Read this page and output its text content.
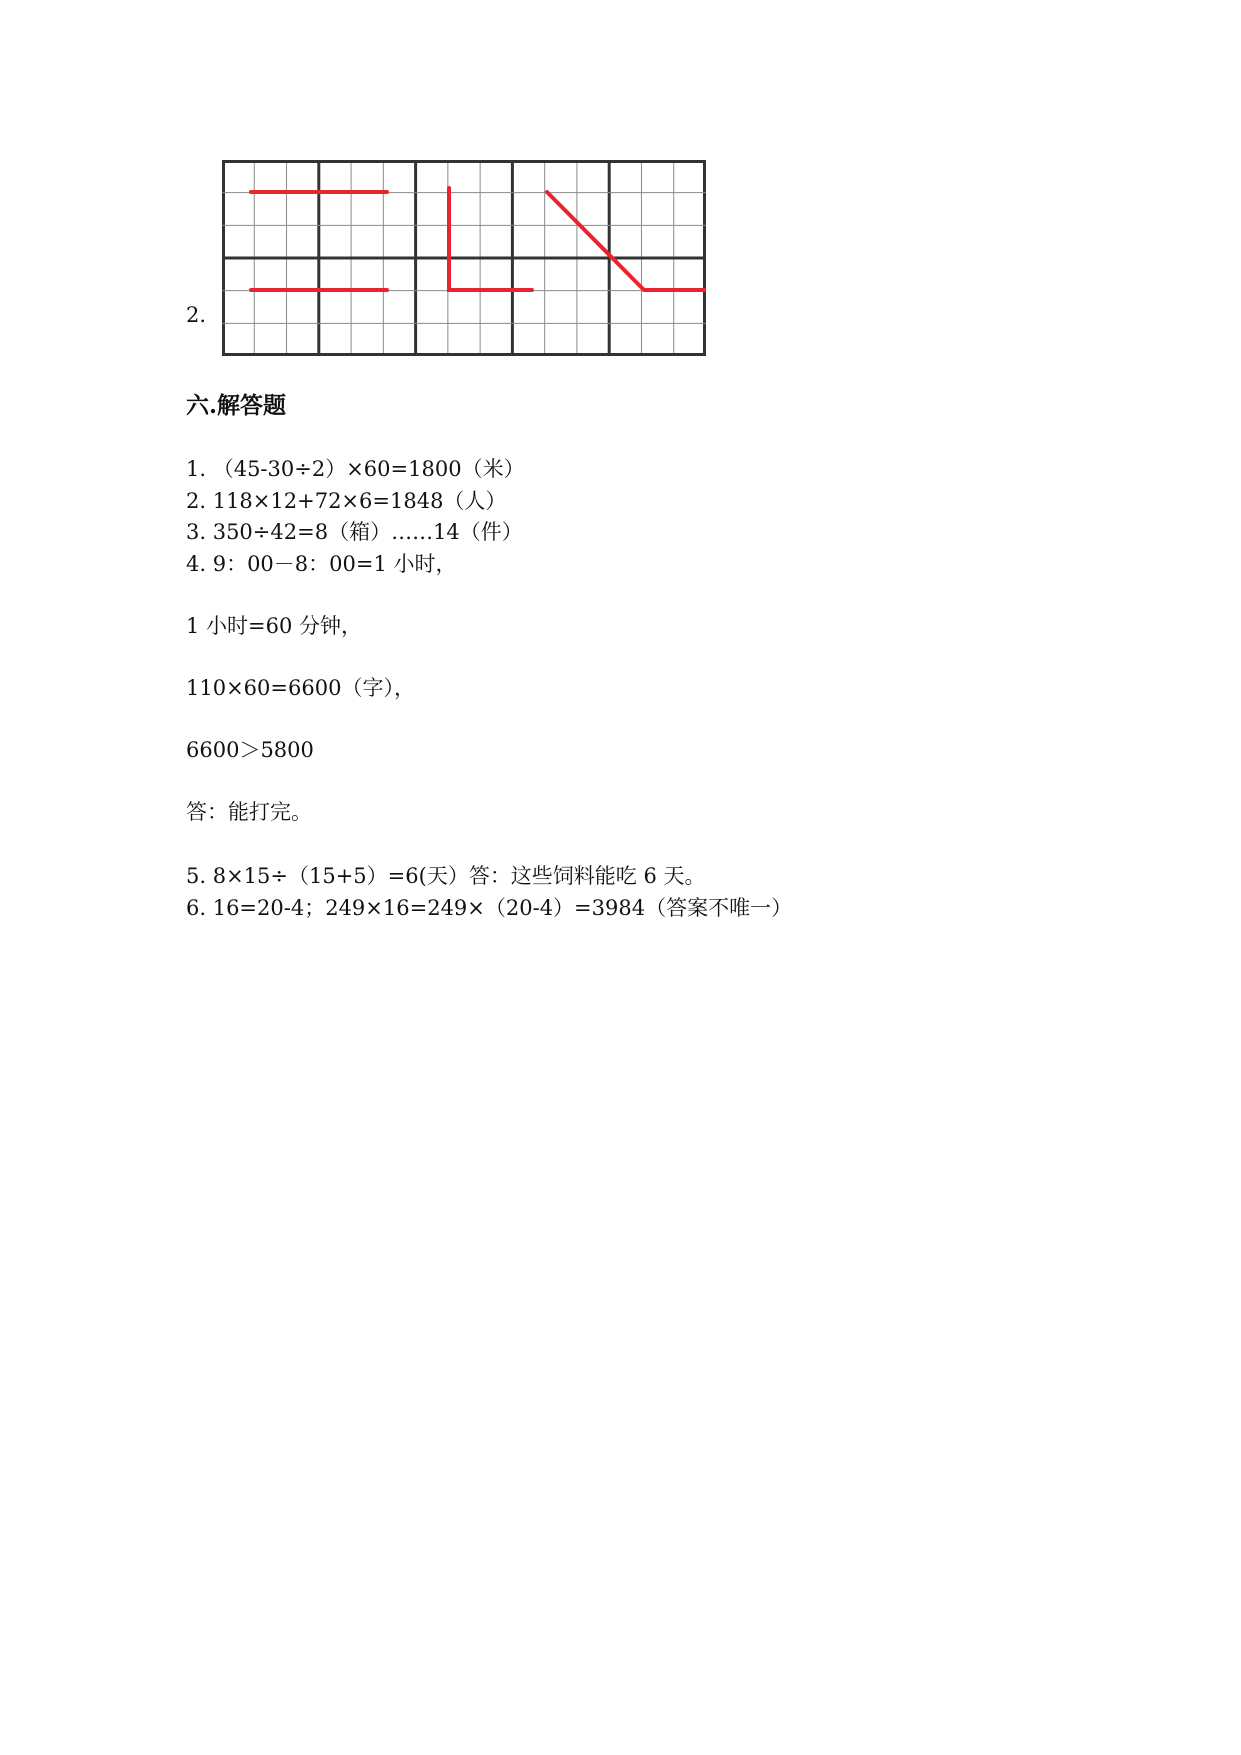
2.
六.解答题
1. （45-30÷2）×60=1800（米）
2. 118×12+72×6=1848（人）
3. 350÷42=8（箱）……14（件）
4. 9：00－8：00=1 小时，
1 小时=60 分钟，
110×60=6600（字），
6600＞5800
答：能打完。
5. 8×15÷（15+5）=6(天）答：这些饲料能吃 6 天。
6. 16=20-4；249×16=249×（20-4）=3984（答案不唯一）
